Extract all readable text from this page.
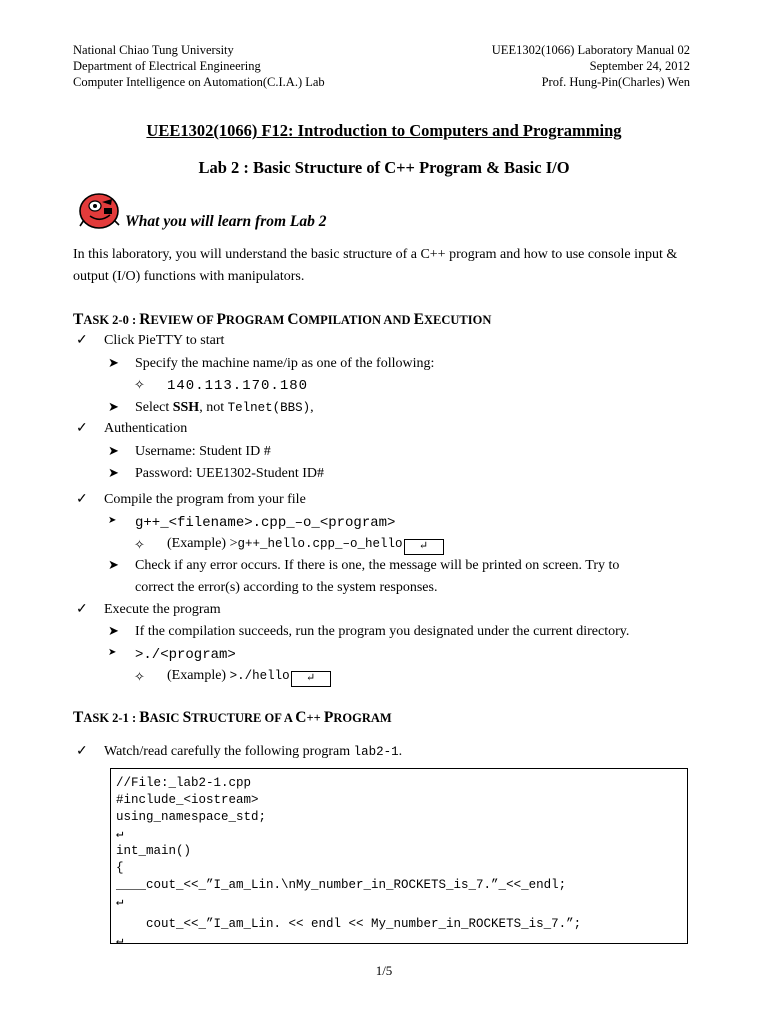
National Chiao Tung University	UEE1302(1066) Laboratory Manual 02
Department of Electrical Engineering	September 24, 2012
Computer Intelligence on Automation(C.I.A.) Lab	Prof. Hung-Pin(Charles) Wen
UEE1302(1066) F12: Introduction to Computers and Programming
Lab 2 : Basic Structure of C++ Program & Basic I/O
What you will learn from Lab 2
In this laboratory, you will understand the basic structure of a C++ program and how to use console input & output (I/O) functions with manipulators.
TASK 2-0 : REVIEW OF PROGRAM COMPILATION AND EXECUTION
✓ Click PieTTY to start
➤ Specify the machine name/ip as one of the following:
✧ 140.113.170.180
➤ Select SSH, not Telnet(BBS),
✓ Authentication
➤ Username: Student ID #
➤ Password: UEE1302-Student ID#
✓ Compile the program from your file
➤ g++_<filename>.cpp_–o_<program>
✧ (Example) >g++_hello.cpp_–o_hello ↵
➤ Check if any error occurs. If there is one, the message will be printed on screen. Try to
correct the error(s) according to the system responses.
✓ Execute the program
➤ If the compilation succeeds, run the program you designated under the current directory.
➤ >./<program>
✧ (Example) >./hello ↵
TASK 2-1 : BASIC STRUCTURE OF A C++ PROGRAM
✓ Watch/read carefully the following program lab2-1.
//File:_lab2-1.cpp
#include_<iostream>
using_namespace_std;
↵
int_main()
{
____cout_<<_”I_am_Lin.\nMy_number_in_ROCKETS_is_7.”_<<_endl;
↵
cout_<<_”I_am_Lin. << endl << My_number_in_ROCKETS_is_7.”;
↵
1/5
